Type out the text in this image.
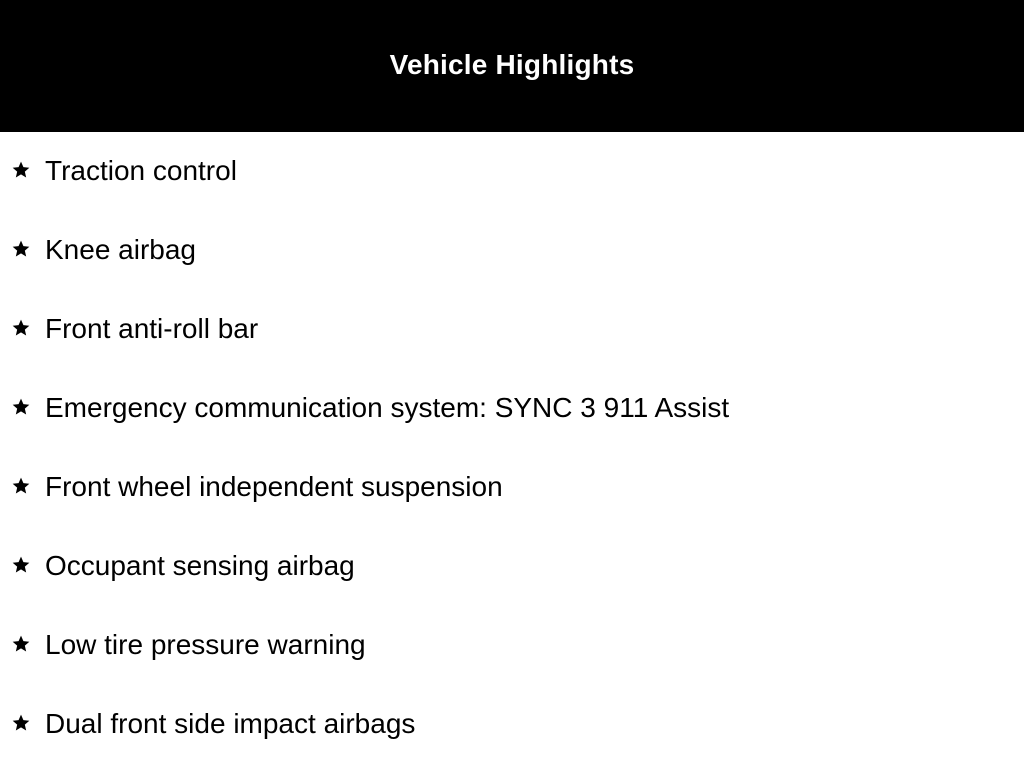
Vehicle Highlights
Traction control
Knee airbag
Front anti-roll bar
Emergency communication system: SYNC 3 911 Assist
Front wheel independent suspension
Occupant sensing airbag
Low tire pressure warning
Dual front side impact airbags
